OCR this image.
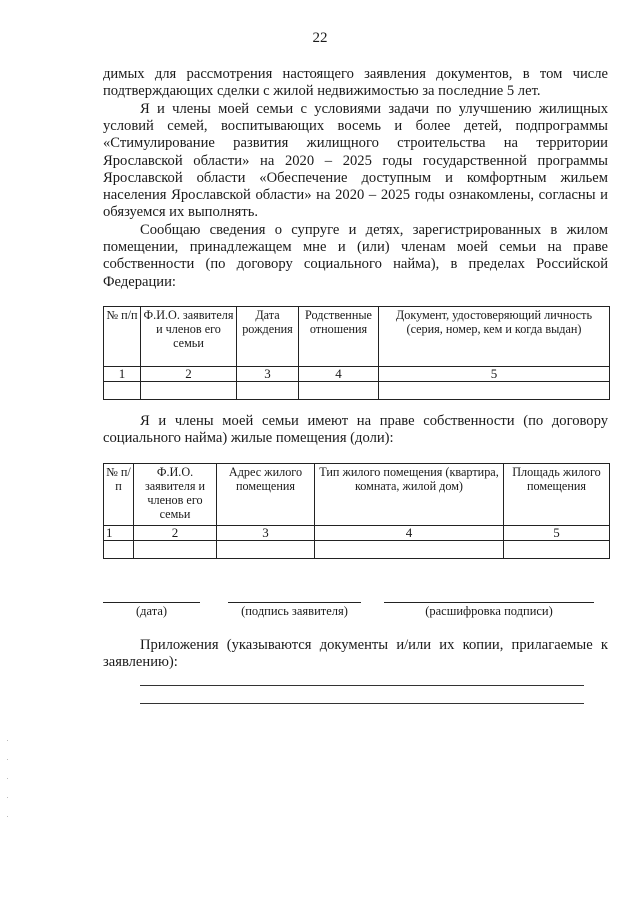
22

димых для рассмотрения настоящего заявления документов, в том числе подтверждающих сделки с жилой недвижимостью за последние 5 лет.

Я и члены моей семьи с условиями задачи по улучшению жилищных условий семей, воспитывающих восемь и более детей, подпрограммы «Стимулирование развития жилищного строительства на территории Ярославской области» на 2020 – 2025 годы государственной программы Ярославской области «Обеспечение доступным и комфортным жильем населения Ярославской области» на 2020 – 2025 годы ознакомлены, согласны и обязуемся их выполнять.

Сообщаю сведения о супруге и детях, зарегистрированных в жилом помещении, принадлежащем мне и (или) членам моей семьи на праве собственности (по договору социального найма), в пределах Российской Федерации:

№ п/п	Ф.И.О. заявителя и членов его семьи	Дата рождения	Родственные отношения	Документ, удостоверяющий личность (серия, номер, кем и когда выдан)
1	2	3	4	5

Я и члены моей семьи имеют на праве собственности (по договору социального найма) жилые помещения (доли):

№ п/п	Ф.И.О. заявителя и членов его семьи	Адрес жилого помещения	Тип жилого помещения (квартира, комната, жилой дом)	Площадь жилого помещения
1	2	3	4	5

(дата)	(подпись заявителя)	(расшифровка подписи)

Приложения (указываются документы и/или их копии, прилагаемые к заявлению):
